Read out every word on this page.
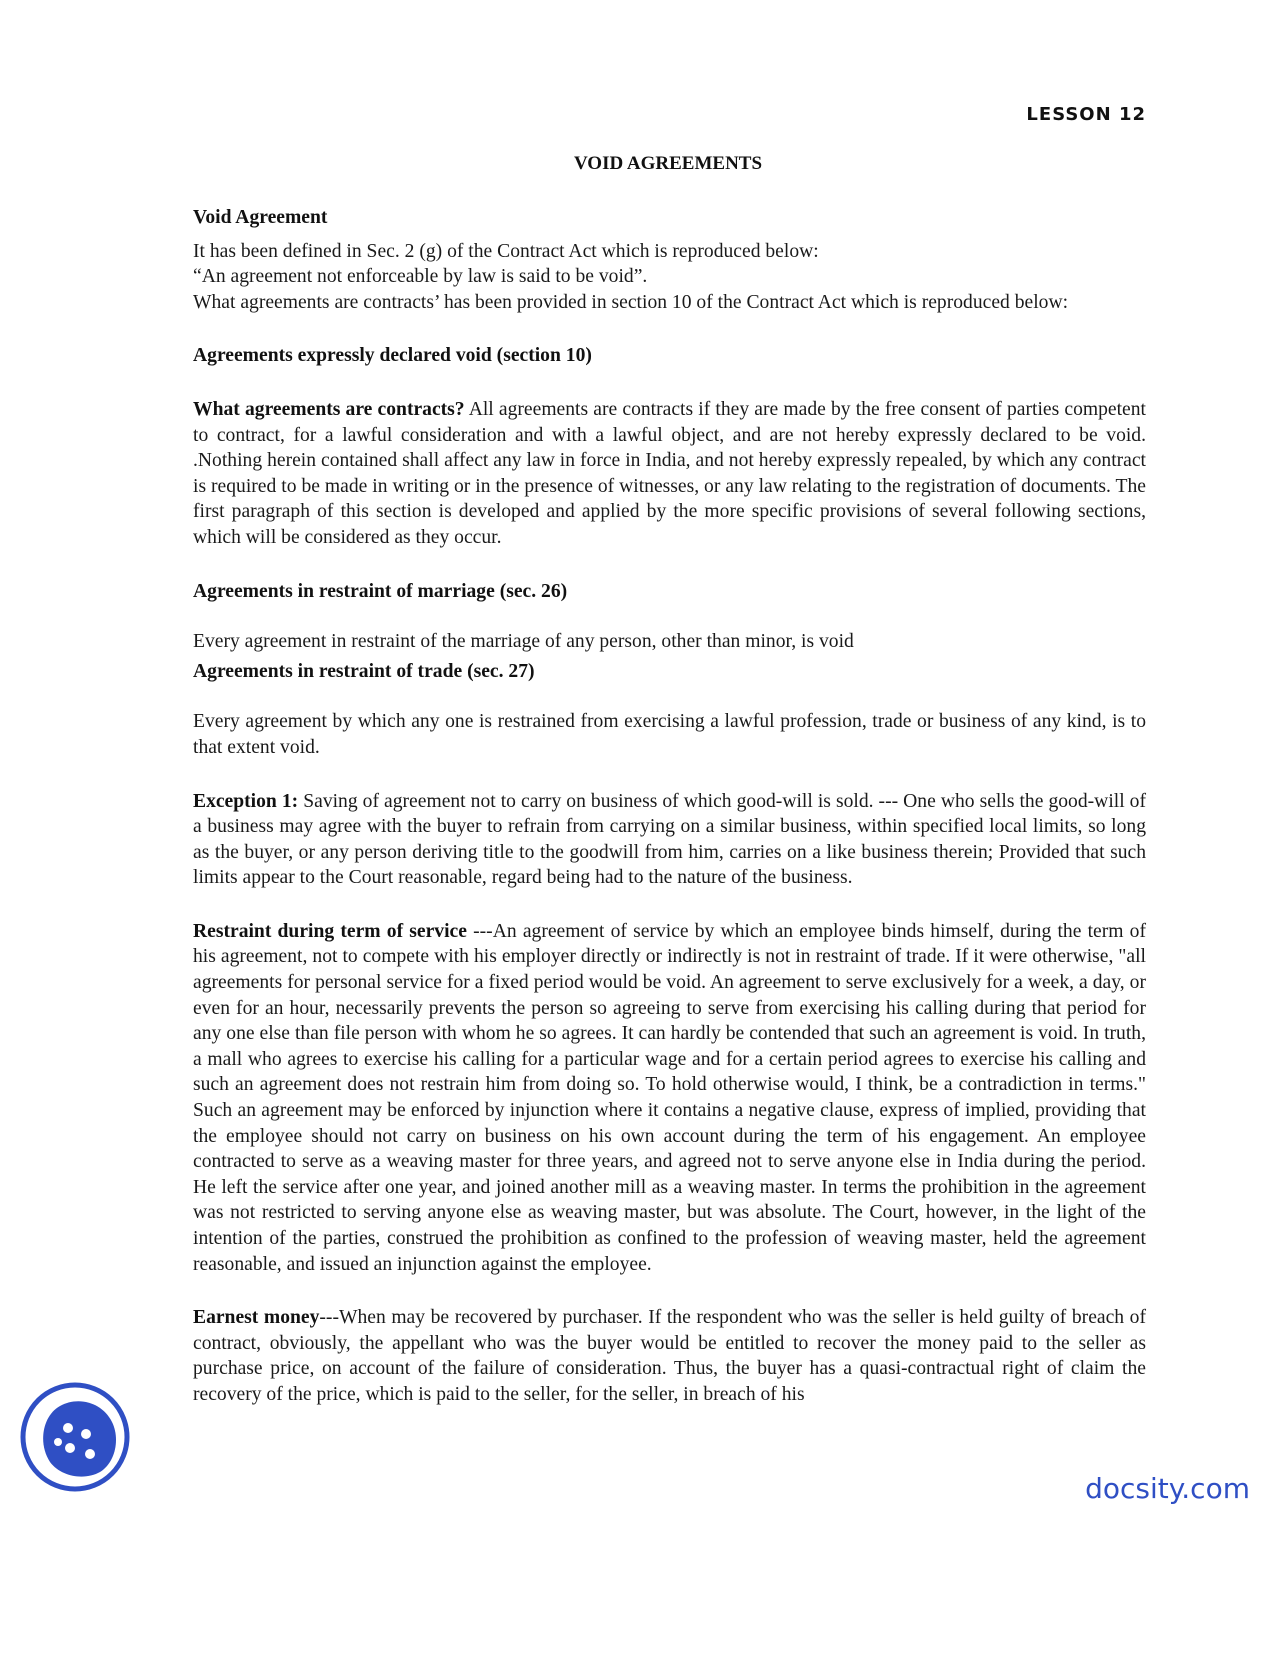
LESSON 12
VOID AGREEMENTS

Void Agreement

It has been defined in Sec. 2 (g) of the Contract Act which is reproduced below:

“An agreement not enforceable by law is said to be void”.

What agreements are contracts’ has been provided in section 10 of the Contract Act which is reproduced below:

Agreements expressly declared void (section 10)

What agreements are contracts? All agreements are contracts if they are made by the free consent of parties competent to contract, for a lawful consideration and with a lawful object, and are not hereby expressly declared to be void. .Nothing herein contained shall affect any law in force in India, and not hereby expressly repealed, by which any contract is required to be made in writing or in the presence of witnesses, or any law relating to the registration of documents. The first paragraph of this section is developed and applied by the more specific provisions of several following sections, which will be considered as they occur.

Agreements in restraint of marriage (sec. 26)

Every agreement in restraint of the marriage of any person, other than minor, is void

Agreements in restraint of trade (sec. 27)

Every agreement by which any one is restrained from exercising a lawful profession, trade or business of any kind, is to that extent void.

Exception 1: Saving of agreement not to carry on business of which good-will is sold. --- One who sells the good-will of a business may agree with the buyer to refrain from carrying on a similar business, within specified local limits, so long as the buyer, or any person deriving title to the goodwill from him, carries on a like business therein; Provided that such limits appear to the Court reasonable, regard being had to the nature of the business.

Restraint during term of service ---An agreement of service by which an employee binds himself, during the term of his agreement, not to compete with his employer directly or indirectly is not in restraint of trade. If it were otherwise, "all agreements for personal service for a fixed period would be void. An agreement to serve exclusively for a week, a day, or even for an hour, necessarily prevents the person so agreeing to serve from exercising his calling during that period for any one else than file person with whom he so agrees. It can hardly be contended that such an agreement is void. In truth, a mall who agrees to exercise his calling for a particular wage and for a certain period agrees to exercise his calling and such an agreement does not restrain him from doing so. To hold otherwise would, I think, be a contradiction in terms." Such an agreement may be enforced by injunction where it contains a negative clause, express of implied, providing that the employee should not carry on business on his own account during the term of his engagement. An employee contracted to serve as a weaving master for three years, and agreed not to serve anyone else in India during the period. He left the service after one year, and joined another mill as a weaving master. In terms the prohibition in the agreement was not restricted to serving anyone else as weaving master, but was absolute. The Court, however, in the light of the intention of the parties, construed the prohibition as confined to the profession of weaving master, held the agreement reasonable, and issued an injunction against the employee.

Earnest money---When may be recovered by purchaser. If the respondent who was the seller is held guilty of breach of contract, obviously, the appellant who was the buyer would be entitled to recover the money paid to the seller as purchase price, on account of the failure of consideration. Thus, the buyer has a quasi-contractual right of claim the recovery of the price, which is paid to the seller, for the seller, in breach of his

docsity.com
